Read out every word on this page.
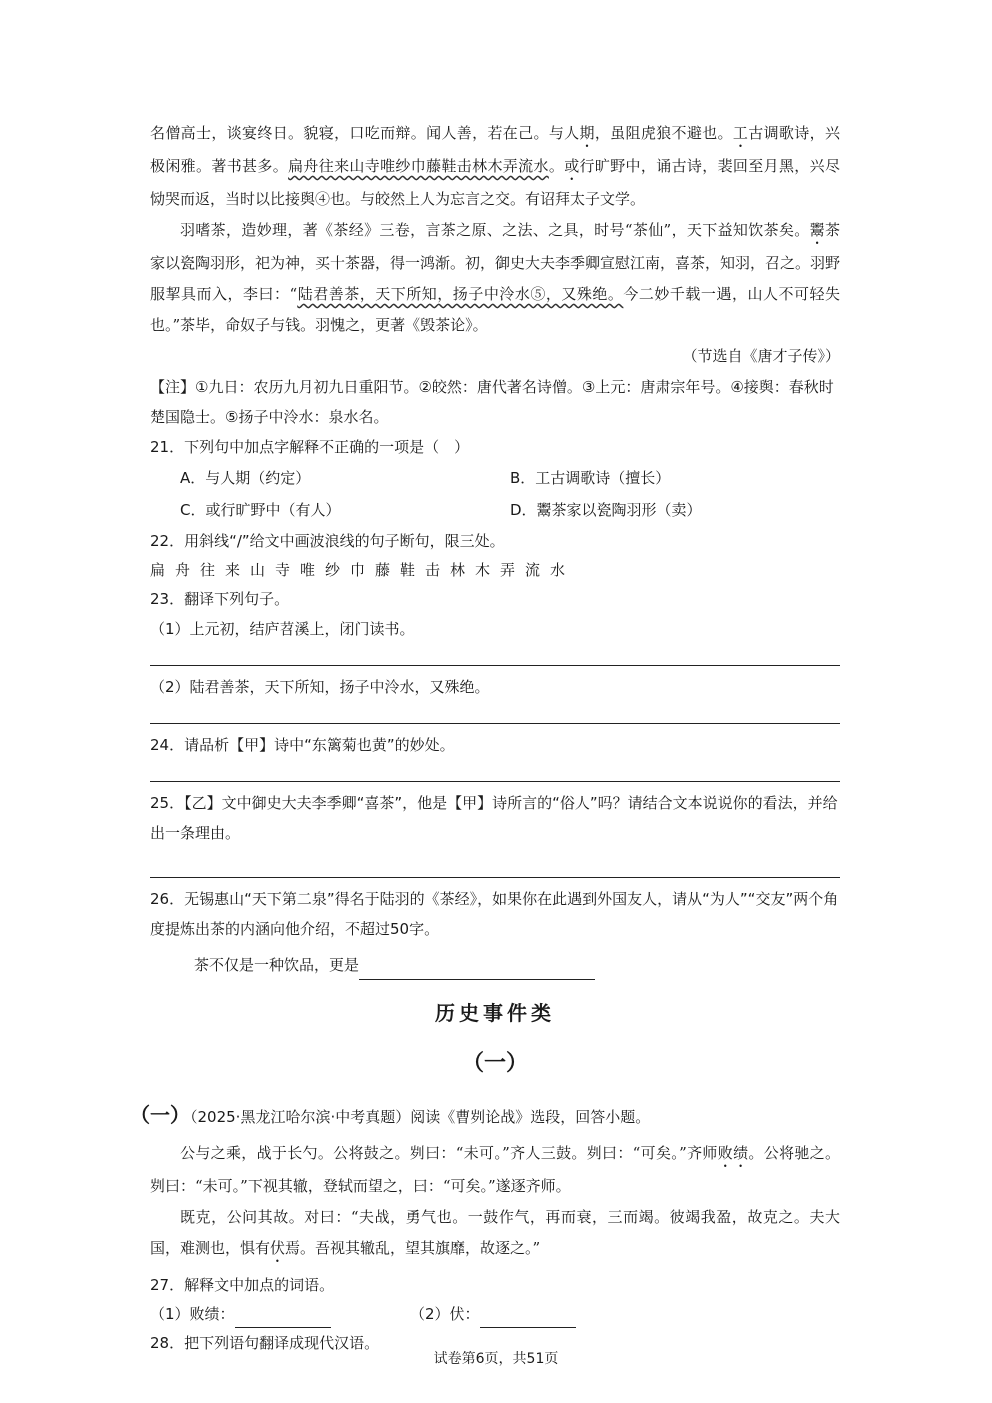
名僧高士，谈宴终日。貌寝，口吃而辩。闻人善，若在己。与人期，虽阻虎狼不避也。工古调歌诗，兴极闲雅。著书甚多。扁舟往来山寺唯纱巾藤鞋击林木弄流水。或行旷野中，诵古诗，裴回至月黑，兴尽恸哭而返，当时以比接舆④也。与皎然上人为忘言之交。有诏拜太子文学。

羽嗜茶，造妙理，著《茶经》三卷，言茶之原、之法、之具，时号“茶仙”，天下益知饮茶矣。鬻茶家以瓷陶羽形，祀为神，买十茶器，得一鸿渐。初，御史大夫李季卿宣慰江南，喜茶，知羽，召之。羽野服挈具而入，李曰：“陆君善茶，天下所知，扬子中泠水⑤，又殊绝。今二妙千载一遇，山人不可轻失也。”茶毕，命奴子与钱。羽愧之，更著《毁茶论》。

（节选自《唐才子传》）

【注】①九日：农历九月初九日重阳节。②皎然：唐代著名诗僧。③上元：唐肃宗年号。④接舆：春秋时楚国隐士。⑤扬子中泠水：泉水名。

21．下列句中加点字解释不正确的一项是（　）

A．与人期（约定）	B．工古调歌诗（擅长）
C．或行旷野中（有人）	D．鬻茶家以瓷陶羽形（卖）

22．用斜线“/”给文中画波浪线的句子断句，限三处。

扁舟往来山寺唯纱巾藤鞋击林木弄流水

23．翻译下列句子。

（1）上元初，结庐苕溪上，闭门读书。

（2）陆君善茶，天下所知，扬子中泠水，又殊绝。

24．请品析【甲】诗中“东篱菊也黄”的妙处。

25．【乙】文中御史大夫李季卿“喜茶”，他是【甲】诗所言的“俗人”吗？请结合文本说说你的看法，并给出一条理由。

26．无锡惠山“天下第二泉”得名于陆羽的《茶经》，如果你在此遇到外国友人，请从“为人”“交友”两个角度提炼出茶的内涵向他介绍，不超过50字。

茶不仅是一种饮品，更是

历史事件类

（一）

（一）（2025·黑龙江哈尔滨·中考真题）阅读《曹刿论战》选段，回答小题。

公与之乘，战于长勺。公将鼓之。刿曰：“未可。”齐人三鼓。刿曰：“可矣。”齐师败绩。公将驰之。刿曰：“未可。”下视其辙，登轼而望之，曰：“可矣。”遂逐齐师。

既克，公问其故。对曰：“夫战，勇气也。一鼓作气，再而衰，三而竭。彼竭我盈，故克之。夫大国，难测也，惧有伏焉。吾视其辙乱，望其旗靡，故逐之。”

27．解释文中加点的词语。

（1）败绩：	（2）伏：

28．把下列语句翻译成现代汉语。

试卷第6页，共51页
